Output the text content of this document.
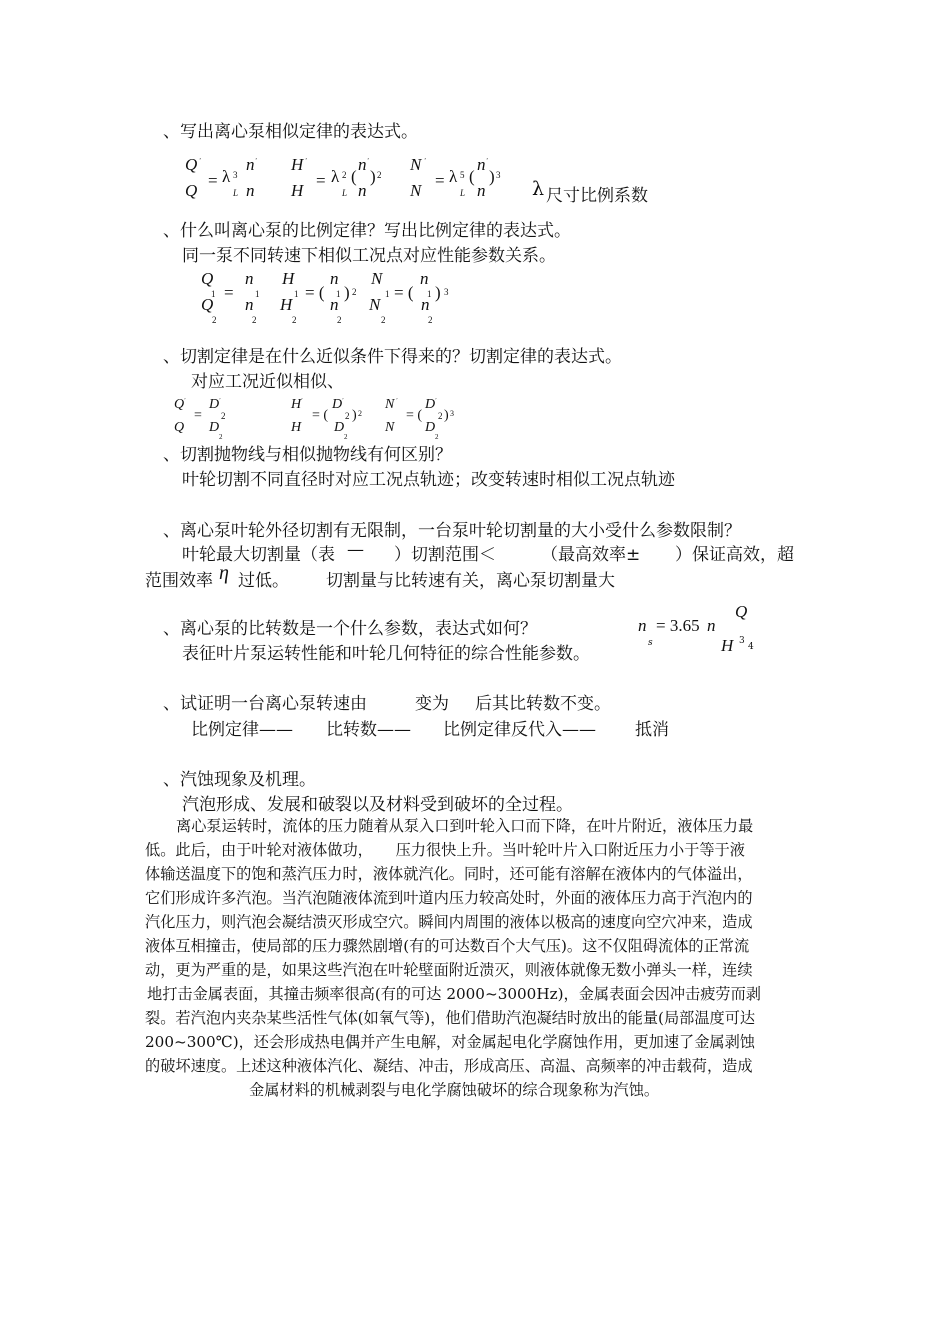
、写出离心泵相似定律的表达式。
Q '
Q
= λ 3
L
n '
n
H '
H
= λ 2
L
(
n '
n
) 2
N '
N
= λ 5
L
(
n '
n
) 3
λ 尺寸比例系数
、什么叫离心泵的比例定律？写出比例定律的表达式。
同一泵不同转速下相似工况点对应性能参数关系。
Q
1
Q
2
=
n
1
n
2
H
1
H
2
= (
n
1
n
2
) 2
N
1
N
2
= (
n
1
n
2
) 3
、切割定律是在什么近似条件下得来的？切割定律的表达式。
对应工况近似相似、
Q '
Q
=
D '
2
D
2
H '
H
= (
D '
2
D
2
) 2
N '
N
= (
D '
2
D
2
) 3
、切割抛物线与相似抛物线有何区别？
叶轮切割不同直径时对应工况点轨迹；改变转速时相似工况点轨迹
、离心泵叶轮外径切割有无限制，一台泵叶轮切割量的大小受什么参数限制？
叶轮最大切割量（表 — ）切割范围＜	（最高效率± ）保证高效，超
范围效率 η 过低。 切割量与比转速有关，离心泵切割量大
、离心泵的比转数是一个什么参数，表达式如何？
表征叶片泵运转性能和叶轮几何特征的综合性能参数。
n
s
= 3.65 n
Q
H 3
4
、试证明一台离心泵转速由	变为 后其比转数不变。
比例定律—— 比转数—— 比例定律反代入—— 抵消
、汽蚀现象及机理。
汽泡形成、发展和破裂以及材料受到破坏的全过程。
离心泵运转时，流体的压力随着从泵入口到叶轮入口而下降，在叶片附近，液体压力最
低。此后，由于叶轮对液体做功，　　压力很快上升。当叶轮叶片入口附近压力小于等于液
体输送温度下的饱和蒸汽压力时，液体就汽化。同时，还可能有溶解在液体内的气体溢出，
它们形成许多汽泡。当汽泡随液体流到叶道内压力较高处时，外面的液体压力高于汽泡内的
汽化压力，则汽泡会凝结溃灭形成空穴。瞬间内周围的液体以极高的速度向空穴冲来，造成
液体互相撞击，使局部的压力骤然剧增(有的可达数百个大气压)。这不仅阻碍流体的正常流
动，更为严重的是，如果这些汽泡在叶轮壁面附近溃灭，则液体就像无数小弹头一样，连续
地打击金属表面，其撞击频率很高(有的可达 2000~3000Hz)，金属表面会因冲击疲劳而剥
裂。若汽泡内夹杂某些活性气体(如氧气等)，他们借助汽泡凝结时放出的能量(局部温度可达
200~300℃)，还会形成热电偶并产生电解，对金属起电化学腐蚀作用，更加速了金属剥蚀
的破坏速度。上述这种液体汽化、凝结、冲击，形成高压、高温、高频率的冲击载荷，造成
金属材料的机械剥裂与电化学腐蚀破坏的综合现象称为汽蚀。
